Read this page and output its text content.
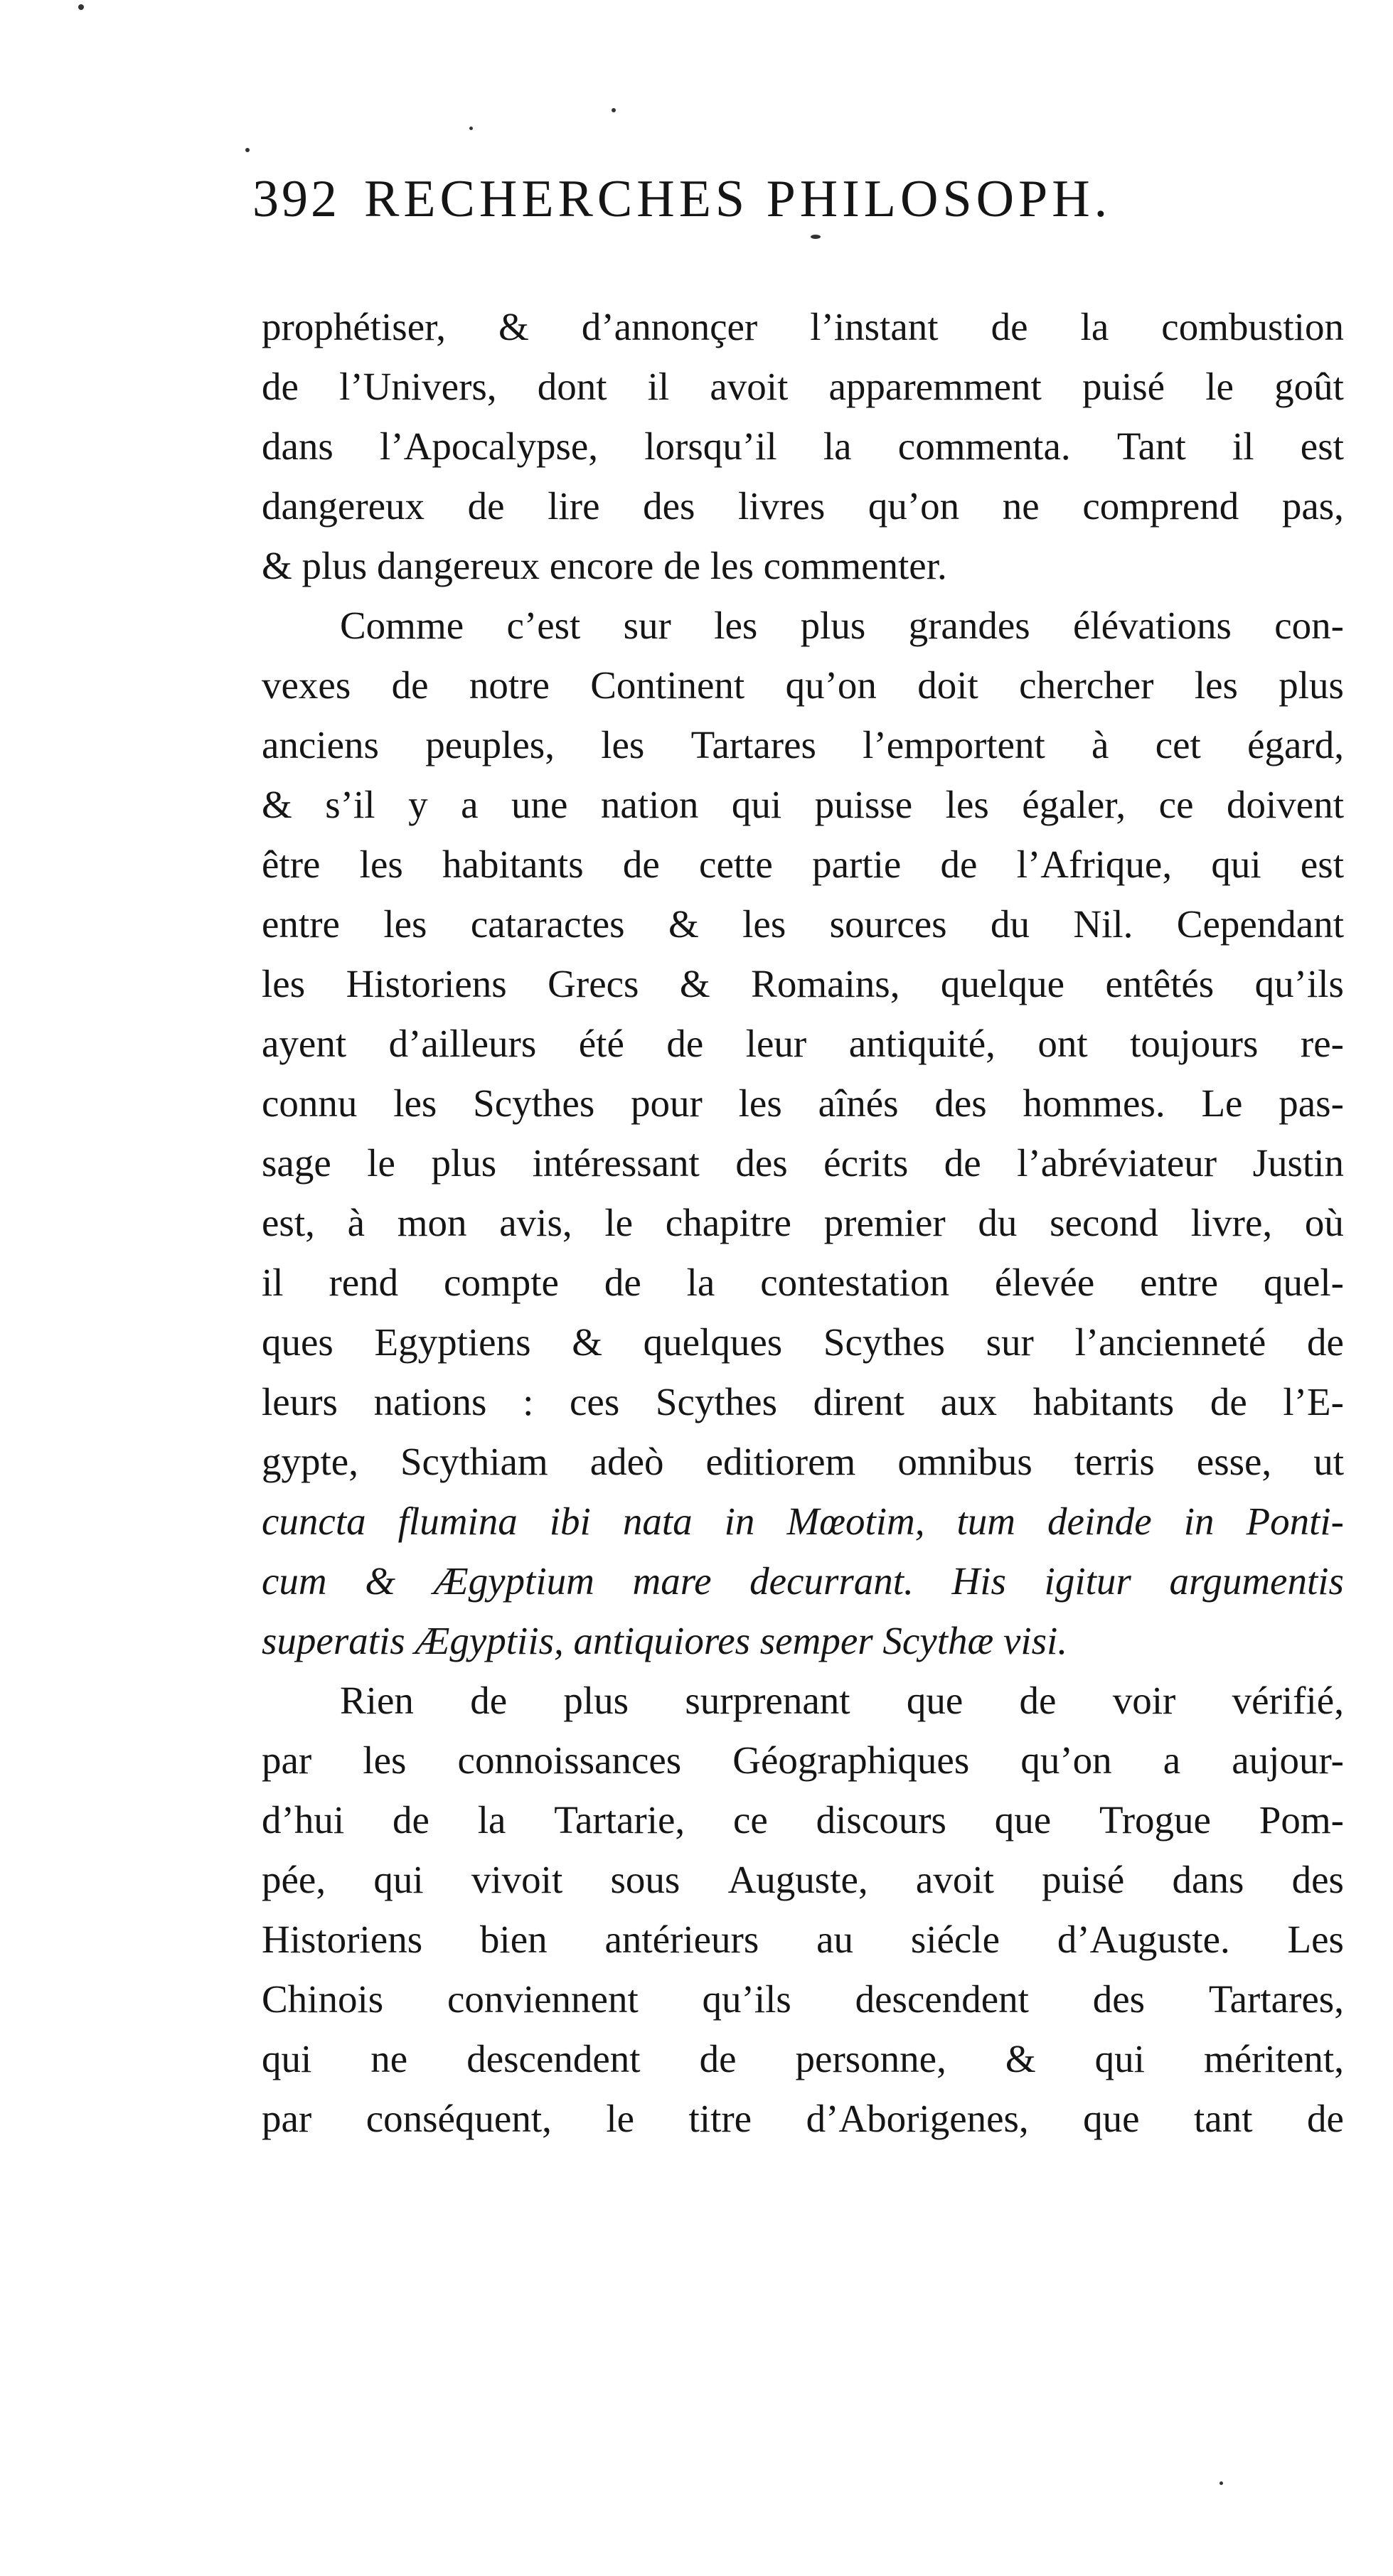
392 RECHERCHES PHILOSOPH.
prophétiser, & d’annonçer l’instant de la combustion
de l’Univers, dont il avoit apparemment puisé le goût
dans l’Apocalypse, lorsqu’il la commenta. Tant il est
dangereux de lire des livres qu’on ne comprend pas,
&
plus
dangereux
encore
de
les
commenter.
Comme c’est sur les plus grandes élévations con-
vexes de notre Continent qu’on doit chercher les plus
anciens peuples, les Tartares l’emportent à cet égard,
& s’il y a une nation qui puisse les égaler, ce doivent
être les habitants de cette partie de l’Afrique, qui est
entre les cataractes & les sources du Nil. Cependant
les Historiens Grecs & Romains, quelque entêtés qu’ils
ayent d’ailleurs été de leur antiquité, ont toujours re-
connu les Scythes pour les aînés des hommes. Le pas-
sage le plus intéressant des écrits de l’abréviateur Justin
est, à mon avis, le chapitre premier du second livre, où
il rend compte de la contestation élevée entre quel-
ques Egyptiens & quelques Scythes sur l’ancienneté de
leurs nations : ces Scythes dirent aux habitants de l’E-
gypte, Scythiam adeò editiorem omnibus terris esse, ut
cuncta flumina ibi nata in Mœotim, tum deinde in Ponti-
cum & Ægyptium mare decurrant. His igitur argumentis
superatis
Ægyptiis,
antiquiores
semper
Scythæ
visi.
Rien de plus surprenant que de voir vérifié,
par les connoissances Géographiques qu’on a aujour-
d’hui de la Tartarie, ce discours que Trogue Pom-
pée, qui vivoit sous Auguste, avoit puisé dans des
Historiens bien antérieurs au siécle d’Auguste. Les
Chinois conviennent qu’ils descendent des Tartares,
qui ne descendent de personne, & qui méritent,
par conséquent, le titre d’Aborigenes, que tant de
